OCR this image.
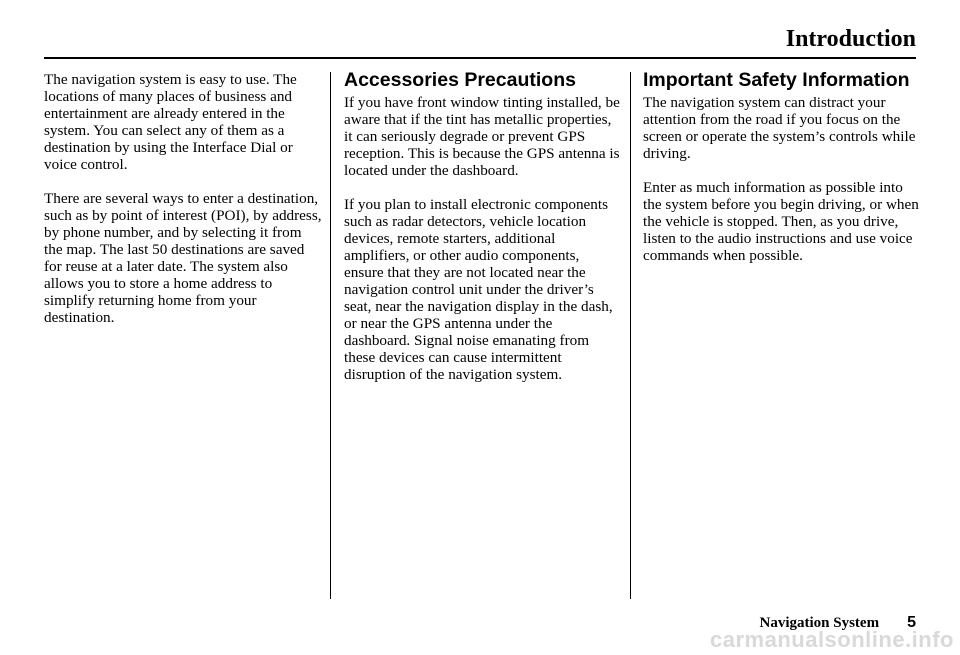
Introduction

The navigation system is easy to use. The locations of many places of business and entertainment are already entered in the system. You can select any of them as a destination by using the Interface Dial or voice control.

There are several ways to enter a destination, such as by point of interest (POI), by address, by phone number, and by selecting it from the map. The last 50 destinations are saved for reuse at a later date. The system also allows you to store a home address to simplify returning home from your destination.

Accessories Precautions

If you have front window tinting installed, be aware that if the tint has metallic properties, it can seriously degrade or prevent GPS reception. This is because the GPS antenna is located under the dashboard.

If you plan to install electronic components such as radar detectors, vehicle location devices, remote starters, additional amplifiers, or other audio components, ensure that they are not located near the navigation control unit under the driver’s seat, near the navigation display in the dash, or near the GPS antenna under the dashboard. Signal noise emanating from these devices can cause intermittent disruption of the navigation system.

Important Safety Information

The navigation system can distract your attention from the road if you focus on the screen or operate the system’s controls while driving.

Enter as much information as possible into the system before you begin driving, or when the vehicle is stopped. Then, as you drive, listen to the audio instructions and use voice commands when possible.

Navigation System 5
carmanualsonline.info
